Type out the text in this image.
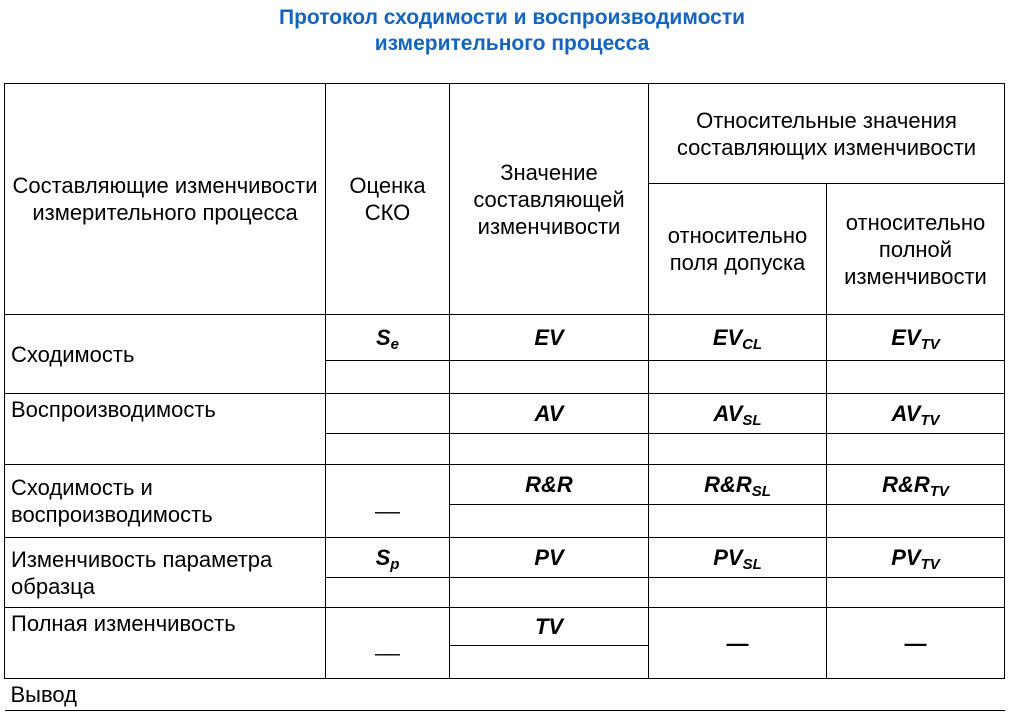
Протокол сходимости и воспроизводимости
измерительного процесса
Составляющие изменчивости измерительного процесса	Оценка СКО	Значение составляющей изменчивости	Относительные значения составляющих изменчивости	
			относительно поля допуска	относительно полной изменчивости
Сходимость	$S_e$	EV	$EV_{CL}$	$EV_{TV}$

Воспроизводимость		AV	$AV_{SL}$	$AV_{TV}$

Сходимость и воспроизводимость	__	R&R	$R\&R_{SL}$	$R\&R_{TV}$

Изменчивость параметра образца	$S_p$	PV	$PV_{SL}$	$PV_{TV}$

Полная изменчивость	__	TV	—	—

Вывод				
